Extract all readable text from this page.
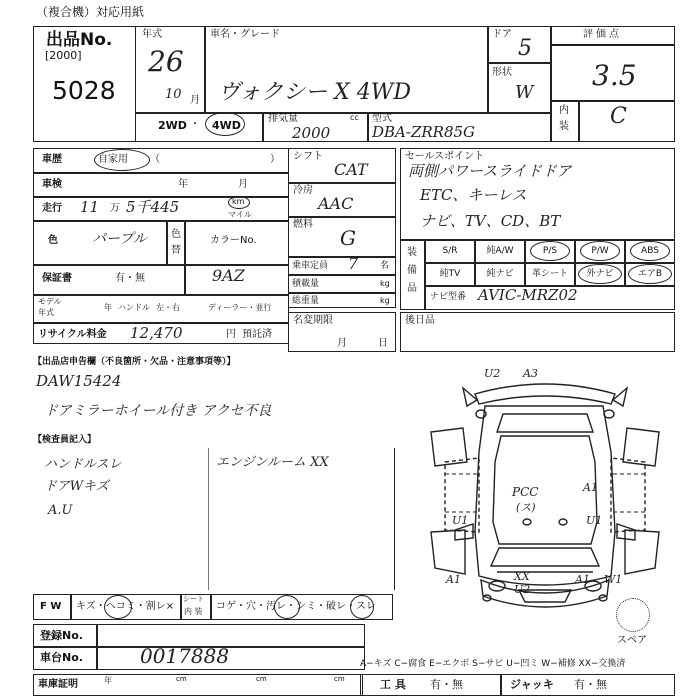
（複合機）対応用紙
出品No.
[2000]
5028
年式
26
10 月
車名・グレード
ヴォクシー X 4WD
ドア
5
形状
W
評価点
3.5
内
装 C
2WD ・ 4WD
排気量	cc
2000
型式
DBA-ZRR85G
車歴	自家用 （	）
車検	年	月
走行 11 万 5千445	km
マイル
色 パープル 色
替
カラーNo.
9AZ
保証書	有・無
モデル
年式
年 ハンドル 左・右	ディーラー・並行
リサイクル料金 12,470	円 預託済
シフト
CAT
冷房
AAC
燃料
G
乗車定員 7 名
積載量	kg
総重量	kg
名変期限
月	日
セールスポイント
両側パワースライドドア
ETC、キーレス
ナビ、TV、CD、BT
装
備
品
S/R	純A/W	P/S	P/W	ABS
純TV	純ナビ	革シート	外ナビ	エアB
ナビ型番 AVIC-MRZ02
後日品
【出品店申告欄（不良箇所・欠品・注意事項等）】
DAW15424
ドアミラーホイール付き アクセ不良
【検査員記入】
ハンドルスレ
ドアWキズ
A.U
エンジンルーム XX
U2 A3
A1
U1	U1
A1	A1
XX
U2
W1
PCC
(ス)
スペア
F W キズ・ヘコミ・割レ×
シート
内 装 コゲ・穴・汚レ・シミ・破レ・スレ
登録No.
車台No.	0017888	A−キズ C−腐食 E−エクボ S−サビ U−凹ミ W−補修 XX−交換済
車庫証明	年	cm	cm	cm	工 具 有・無	ジャッキ 有・無
